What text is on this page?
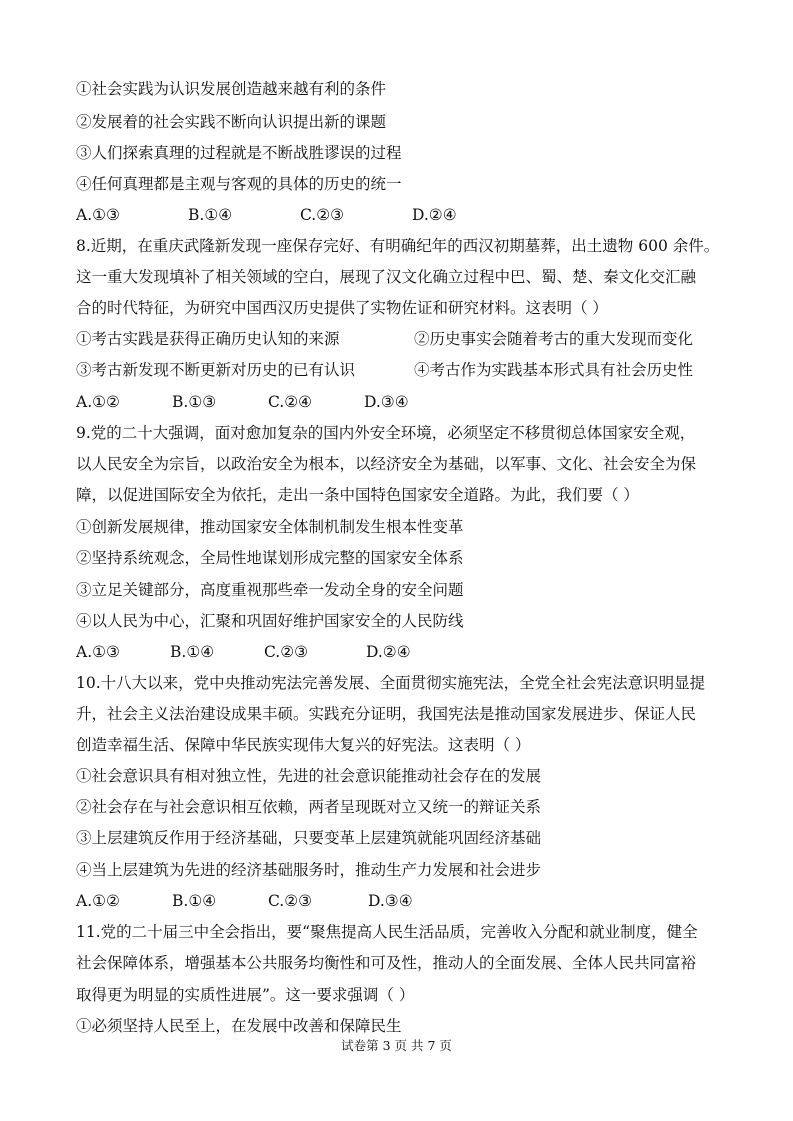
①社会实践为认识发展创造越来越有利的条件
②发展着的社会实践不断向认识提出新的课题
③人们探索真理的过程就是不断战胜谬误的过程
④任何真理都是主观与客观的具体的历史的统一
A.①③	B.①④	C.②③	D.②④
8.近期，在重庆武隆新发现一座保存完好、有明确纪年的西汉初期墓葬，出土遗物 600 余件。
这一重大发现填补了相关领域的空白，展现了汉文化确立过程中巴、蜀、楚、秦文化交汇融
合的时代特征，为研究中国西汉历史提供了实物佐证和研究材料。这表明（ ）
①考古实践是获得正确历史认知的来源	②历史事实会随着考古的重大发现而变化
③考古新发现不断更新对历史的已有认识	④考古作为实践基本形式具有社会历史性
A.①②	B.①③	C.②④	D.③④
9.党的二十大强调，面对愈加复杂的国内外安全环境，必须坚定不移贯彻总体国家安全观，
以人民安全为宗旨，以政治安全为根本，以经济安全为基础，以军事、文化、社会安全为保
障，以促进国际安全为依托，走出一条中国特色国家安全道路。为此，我们要（ ）
①创新发展规律，推动国家安全体制机制发生根本性变革
②坚持系统观念，全局性地谋划形成完整的国家安全体系
③立足关键部分，高度重视那些牵一发动全身的安全问题
④以人民为中心，汇聚和巩固好维护国家安全的人民防线
A.①③	B.①④	C.②③	D.②④
10.十八大以来，党中央推动宪法完善发展、全面贯彻实施宪法，全党全社会宪法意识明显提
升，社会主义法治建设成果丰硕。实践充分证明，我国宪法是推动国家发展进步、保证人民
创造幸福生活、保障中华民族实现伟大复兴的好宪法。这表明（ ）
①社会意识具有相对独立性，先进的社会意识能推动社会存在的发展
②社会存在与社会意识相互依赖，两者呈现既对立又统一的辩证关系
③上层建筑反作用于经济基础，只要变革上层建筑就能巩固经济基础
④当上层建筑为先进的经济基础服务时，推动生产力发展和社会进步
A.①②	B.①④	C.②③	D.③④
11.党的二十届三中全会指出，要“聚焦提高人民生活品质，完善收入分配和就业制度，健全
社会保障体系，增强基本公共服务均衡性和可及性，推动人的全面发展、全体人民共同富裕
取得更为明显的实质性进展”。这一要求强调（ ）
①必须坚持人民至上，在发展中改善和保障民生
试卷第 3 页 共 7 页
